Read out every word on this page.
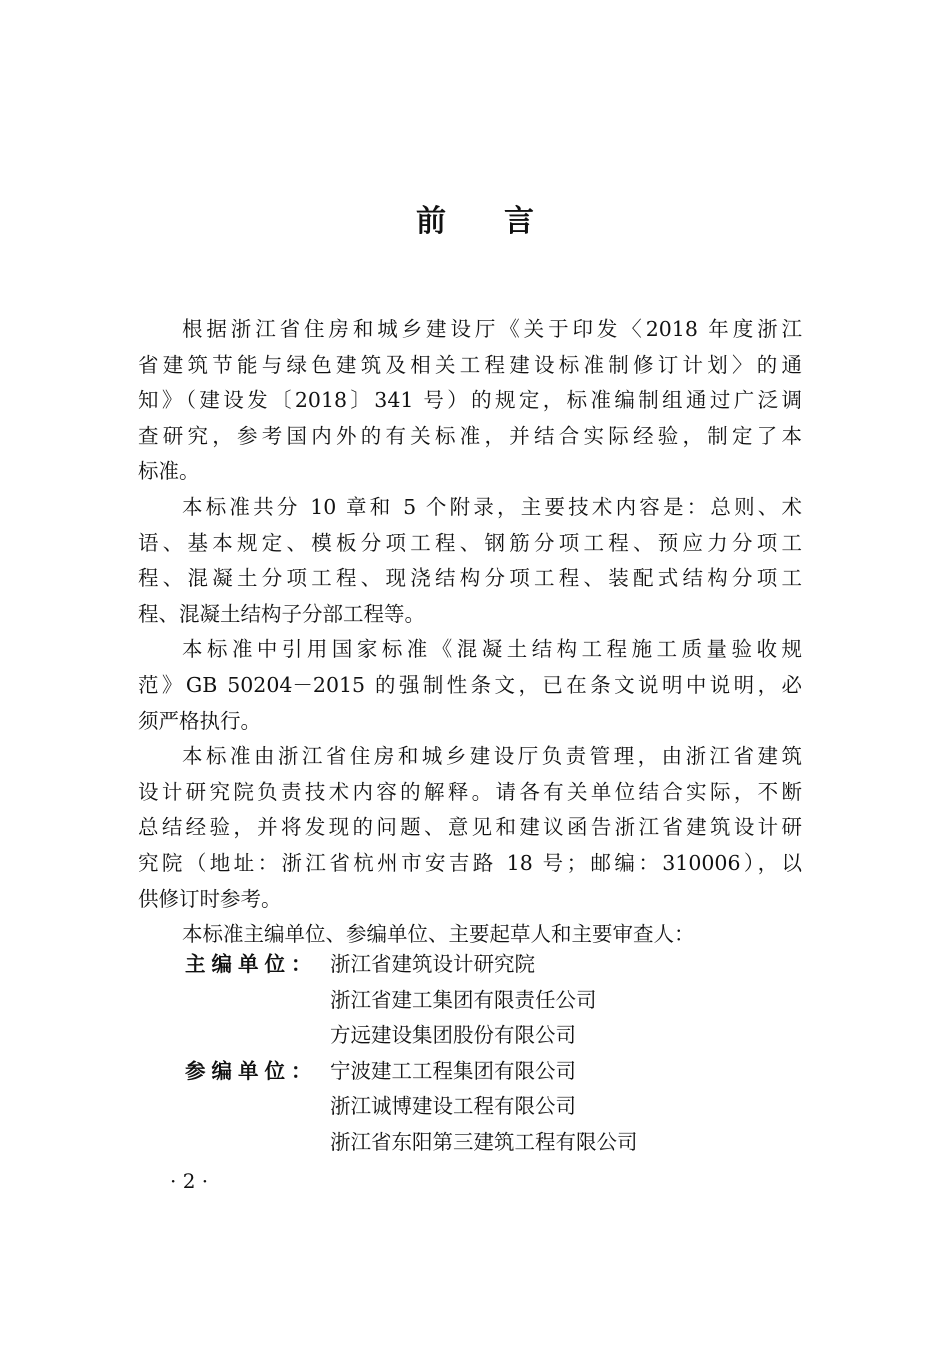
前 言
根据浙江省住房和城乡建设厅《关于印发〈2018 年度浙江
省建筑节能与绿色建筑及相关工程建设标准制修订计划〉的通
知》（建设发〔2018〕341 号）的规定，标准编制组通过广泛调
查研究，参考国内外的有关标准，并结合实际经验，制定了本
标准。
本标准共分 10 章和 5 个附录，主要技术内容是：总则、术
语、基本规定、模板分项工程、钢筋分项工程、预应力分项工
程、混凝土分项工程、现浇结构分项工程、装配式结构分项工
程、混凝土结构子分部工程等。
本标准中引用国家标准《混凝土结构工程施工质量验收规
范》GB 50204－2015 的强制性条文，已在条文说明中说明，必
须严格执行。
本标准由浙江省住房和城乡建设厅负责管理，由浙江省建筑
设计研究院负责技术内容的解释。请各有关单位结合实际，不断
总结经验，并将发现的问题、意见和建议函告浙江省建筑设计研
究院（地址：浙江省杭州市安吉路 18 号；邮编：310006），以
供修订时参考。
本标准主编单位、参编单位、主要起草人和主要审查人：
主编单位： 浙江省建筑设计研究院
浙江省建工集团有限责任公司
方远建设集团股份有限公司
参编单位： 宁波建工工程集团有限公司
浙江诚博建设工程有限公司
浙江省东阳第三建筑工程有限公司
· 2 ·
